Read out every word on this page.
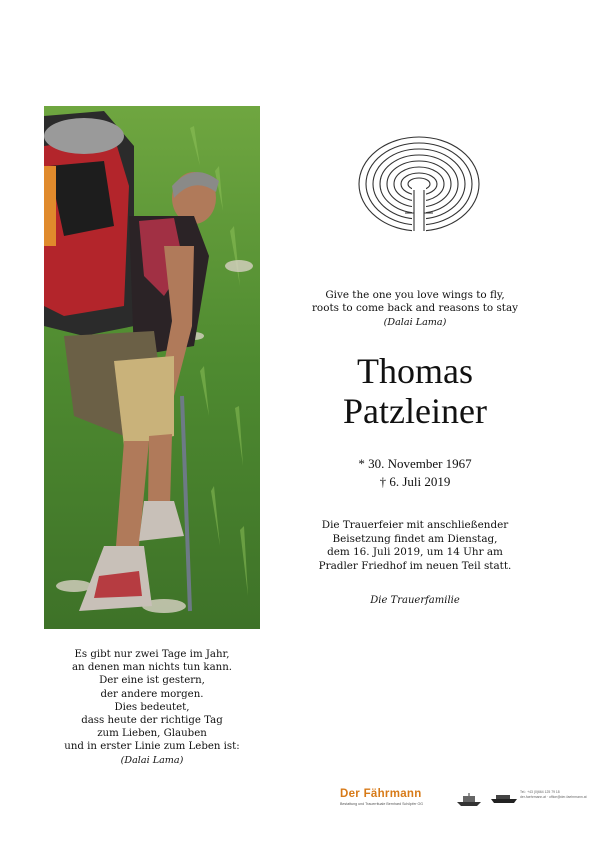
Give the one you love wings to fly,
roots to come back and reasons to stay
(Dalai Lama)
Thomas
Patzleiner
* 30. November 1967
† 6. Juli 2019
Die Trauerfeier mit anschließender
Beisetzung findet am Dienstag,
dem 16. Juli 2019, um 14 Uhr am
Pradler Friedhof im neuen Teil statt.
Die Trauerfamilie
Es gibt nur zwei Tage im Jahr,
an denen man nichts tun kann.
Der eine ist gestern,
der andere morgen.
Dies bedeutet,
dass heute der richtige Tag
zum Lieben, Glauben
und in erster Linie zum Leben ist:
(Dalai Lama)
Der Fährmann
Bestattung und Trauerrituale Bernhard Schöpfer OG
Tel.: +43 (0)664 125 79 18
der-faehrmann.at · office@der-faehrmann.at
